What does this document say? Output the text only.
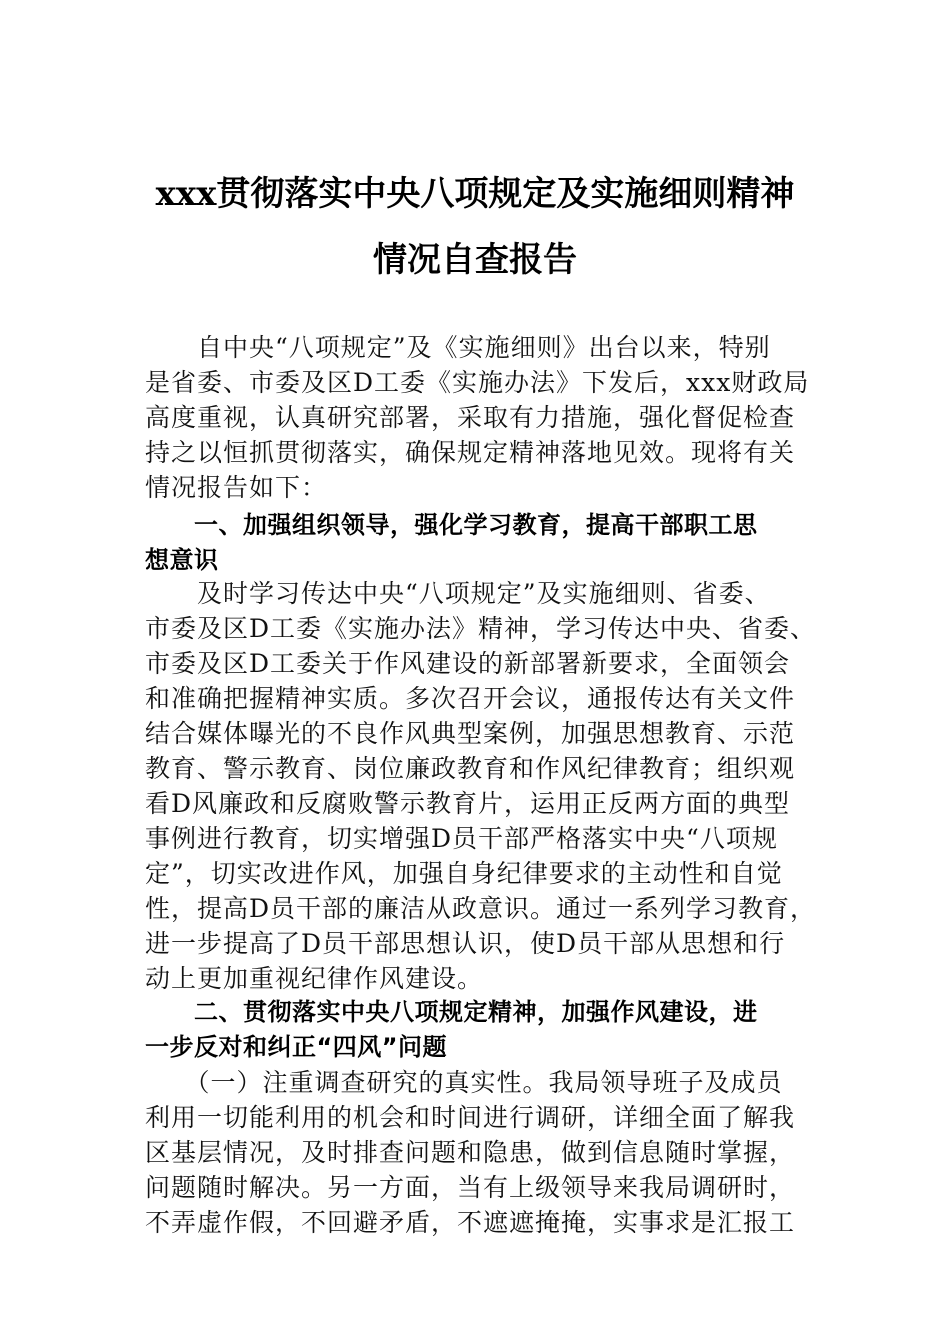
xxx贯彻落实中央八项规定及实施细则精神
情况自查报告
　　自中央“八项规定”及《实施细则》出台以来，特别
是省委、市委及区D工委《实施办法》下发后，xxx财政局
高度重视，认真研究部署，采取有力措施，强化督促检查
持之以恒抓贯彻落实，确保规定精神落地见效。现将有关
情况报告如下：
　　一、加强组织领导，强化学习教育，提高干部职工思
想意识
　　及时学习传达中央“八项规定”及实施细则、省委、
市委及区D工委《实施办法》精神，学习传达中央、省委、
市委及区D工委关于作风建设的新部署新要求，全面领会
和准确把握精神实质。多次召开会议，通报传达有关文件
结合媒体曝光的不良作风典型案例，加强思想教育、示范
教育、警示教育、岗位廉政教育和作风纪律教育；组织观
看D风廉政和反腐败警示教育片，运用正反两方面的典型
事例进行教育，切实增强D员干部严格落实中央“八项规
定”，切实改进作风，加强自身纪律要求的主动性和自觉
性，提高D员干部的廉洁从政意识。通过一系列学习教育，
进一步提高了D员干部思想认识，使D员干部从思想和行
动上更加重视纪律作风建设。
　　二、贯彻落实中央八项规定精神，加强作风建设，进
一步反对和纠正“四风”问题
　　（一）注重调查研究的真实性。我局领导班子及成员
利用一切能利用的机会和时间进行调研，详细全面了解我
区基层情况，及时排查问题和隐患，做到信息随时掌握，
问题随时解决。另一方面，当有上级领导来我局调研时，
不弄虚作假，不回避矛盾，不遮遮掩掩，实事求是汇报工
